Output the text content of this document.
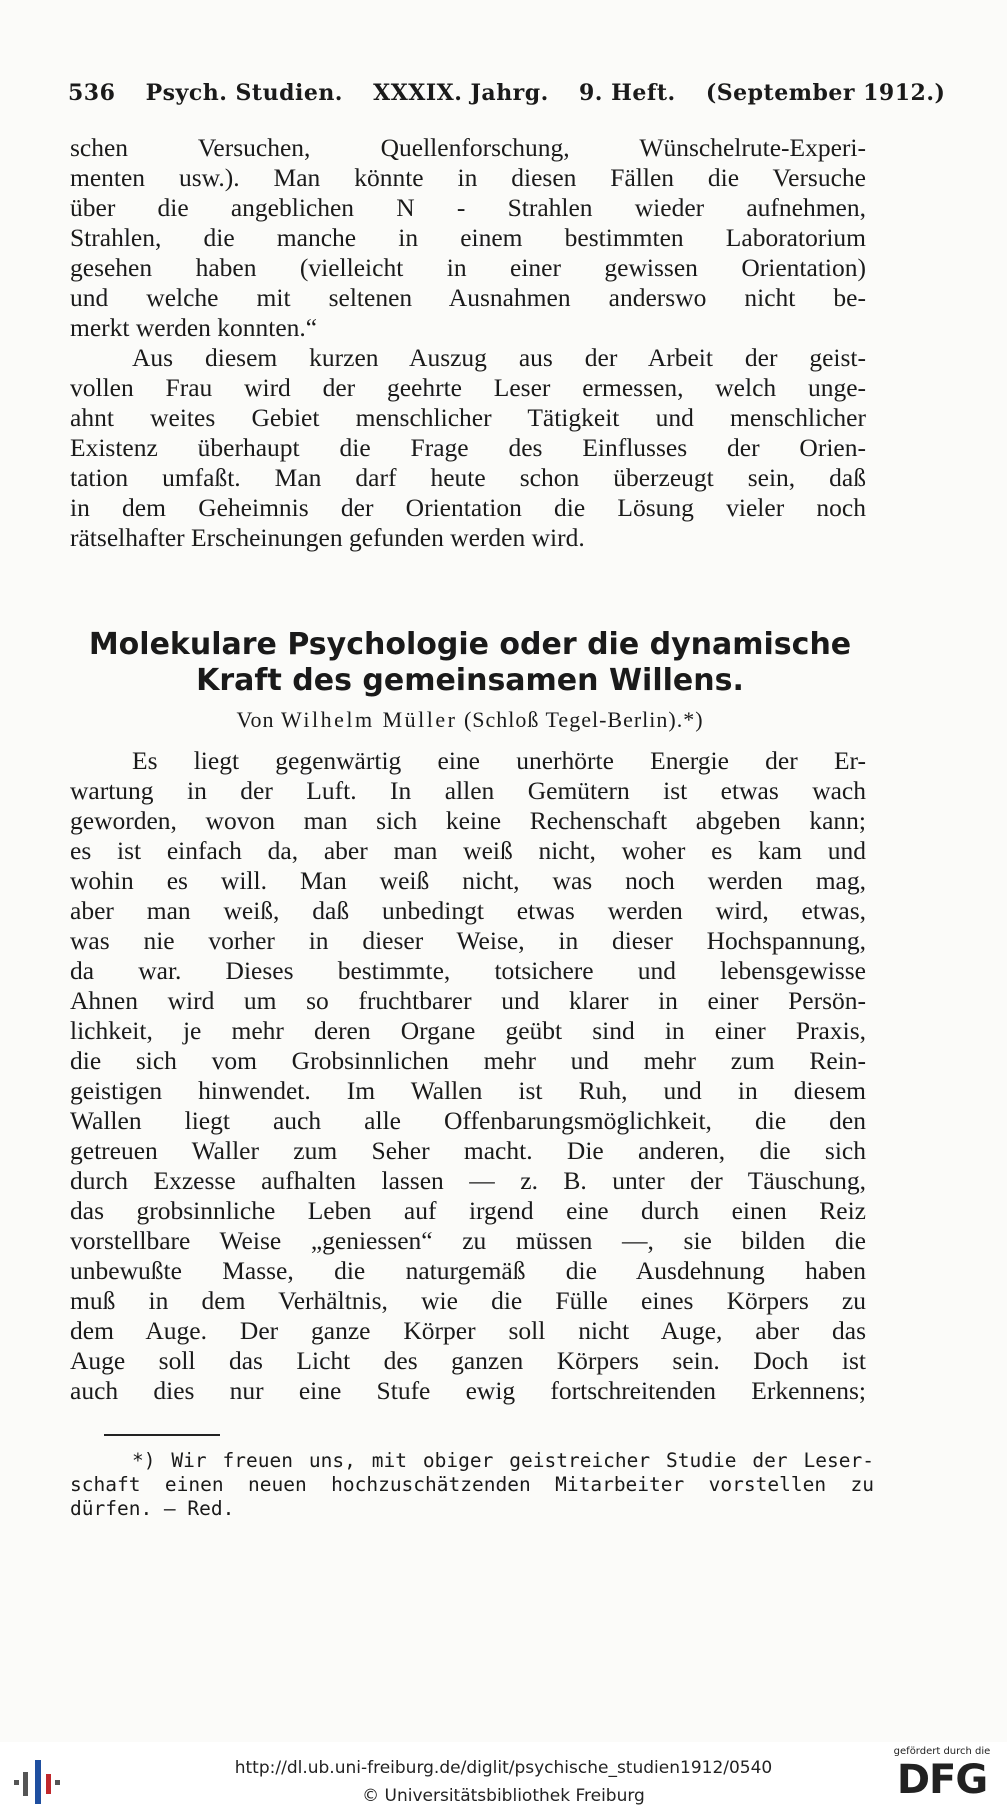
536 Psych. Studien. XXXIX. Jahrg. 9. Heft. (September 1912.)
schen Versuchen, Quellenforschung, Wünschelrute-Experi-
menten usw.). Man könnte in diesen Fällen die Versuche
über die angeblichen N - Strahlen wieder aufnehmen,
Strahlen, die manche in einem bestimmten Laboratorium
gesehen haben (vielleicht in einer gewissen Orientation)
und welche mit seltenen Ausnahmen anderswo nicht be-
merkt werden konnten.“
Aus diesem kurzen Auszug aus der Arbeit der geist-
vollen Frau wird der geehrte Leser ermessen, welch unge-
ahnt weites Gebiet menschlicher Tätigkeit und menschlicher
Existenz überhaupt die Frage des Einflusses der Orien-
tation umfaßt. Man darf heute schon überzeugt sein, daß
in dem Geheimnis der Orientation die Lösung vieler noch
rätselhafter Erscheinungen gefunden werden wird.
Molekulare Psychologie oder die dynamische
Kraft des gemeinsamen Willens.
Von Wilhelm Müller (Schloß Tegel-Berlin).*)
Es liegt gegenwärtig eine unerhörte Energie der Er-
wartung in der Luft. In allen Gemütern ist etwas wach
geworden, wovon man sich keine Rechenschaft abgeben kann;
es ist einfach da, aber man weiß nicht, woher es kam und
wohin es will. Man weiß nicht, was noch werden mag,
aber man weiß, daß unbedingt etwas werden wird, etwas,
was nie vorher in dieser Weise, in dieser Hochspannung,
da war. Dieses bestimmte, totsichere und lebensgewisse
Ahnen wird um so fruchtbarer und klarer in einer Persön-
lichkeit, je mehr deren Organe geübt sind in einer Praxis,
die sich vom Grobsinnlichen mehr und mehr zum Rein-
geistigen hinwendet. Im Wallen ist Ruh, und in diesem
Wallen liegt auch alle Offenbarungsmöglichkeit, die den
getreuen Waller zum Seher macht. Die anderen, die sich
durch Exzesse aufhalten lassen — z. B. unter der Täuschung,
das grobsinnliche Leben auf irgend eine durch einen Reiz
vorstellbare Weise „geniessen“ zu müssen —, sie bilden die
unbewußte Masse, die naturgemäß die Ausdehnung haben
muß in dem Verhältnis, wie die Fülle eines Körpers zu
dem Auge. Der ganze Körper soll nicht Auge, aber das
Auge soll das Licht des ganzen Körpers sein. Doch ist
auch dies nur eine Stufe ewig fortschreitenden Erkennens;
*) Wir freuen uns, mit obiger geistreicher Studie der Leser-
schaft einen neuen hochzuschätzenden Mitarbeiter vorstellen zu
dürfen. — Red.
http://dl.ub.uni-freiburg.de/diglit/psychische_studien1912/0540
© Universitätsbibliothek Freiburg
gefördert durch die
DFG
